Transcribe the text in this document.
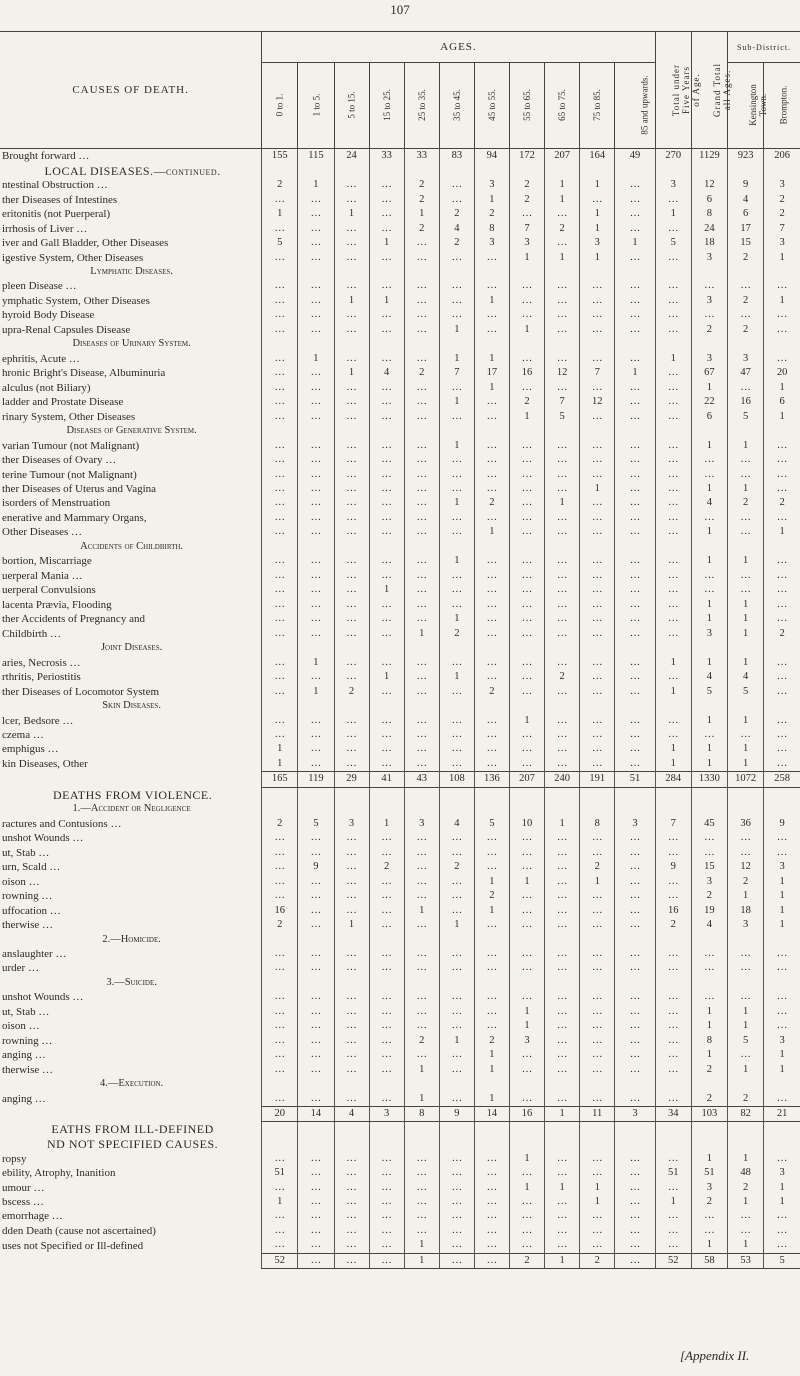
107
CAUSES OF DEATH.	AGES.											Total under Five Years of Age.	Grand Total all Ages.	Sub-District.	
	0 to 1.	1 to 5.	5 to 15.	15 to 25.	25 to 35.	35 to 45.	45 to 55.	55 to 65.	65 to 75.	75 to 85.	85 and upwards.			Kensington Town.	Brompton.
Brought forward …	155	115	24	33	33	83	94	172	207	164	49	270	1129	923	206
LOCAL DISEASES.—continued.															
ntestinal Obstruction …	2	1	…	…	2	…	3	2	1	1	…	3	12	9	3
ther Diseases of Intestines	…	…	…	…	2	…	1	2	1	…	…	…	6	4	2
eritonitis (not Puerperal)	1	…	1	…	1	2	2	…	…	1	…	1	8	6	2
irrhosis of Liver …	…	…	…	…	2	4	8	7	2	1	…	…	24	17	7
iver and Gall Bladder, Other Diseases	5	…	…	1	…	2	3	3	…	3	1	5	18	15	3
igestive System, Other Diseases	…	…	…	…	…	…	…	1	1	1	…	…	3	2	1
Lymphatic Diseases.															
pleen Disease …	…	…	…	…	…	…	…	…	…	…	…	…	…	…	…
ymphatic System, Other Diseases	…	…	1	1	…	…	1	…	…	…	…	…	3	2	1
hyroid Body Disease	…	…	…	…	…	…	…	…	…	…	…	…	…	…	…
upra-Renal Capsules Disease	…	…	…	…	…	1	…	1	…	…	…	…	2	2	…
Diseases of Urinary System.															
ephritis, Acute …	…	1	…	…	…	1	1	…	…	…	…	1	3	3	…
hronic Bright's Disease, Albuminuria	…	…	1	4	2	7	17	16	12	7	1	…	67	47	20
alculus (not Biliary)	…	…	…	…	…	…	1	…	…	…	…	…	1	…	1
ladder and Prostate Disease	…	…	…	…	…	1	…	2	7	12	…	…	22	16	6
rinary System, Other Diseases	…	…	…	…	…	…	…	1	5	…	…	…	6	5	1
Diseases of Generative System.															
varian Tumour (not Malignant)	…	…	…	…	…	1	…	…	…	…	…	…	1	1	…
ther Diseases of Ovary …	…	…	…	…	…	…	…	…	…	…	…	…	…	…	…
terine Tumour (not Malignant)	…	…	…	…	…	…	…	…	…	…	…	…	…	…	…
ther Diseases of Uterus and Vagina	…	…	…	…	…	…	…	…	…	1	…	…	1	1	…
isorders of Menstruation	…	…	…	…	…	1	2	…	1	…	…	…	4	2	2
enerative and Mammary Organs,	…	…	…	…	…	…	…	…	…	…	…	…	…	…	…
Other Diseases …	…	…	…	…	…	…	1	…	…	…	…	…	1	…	1
Accidents of Childbirth.															
bortion, Miscarriage	…	…	…	…	…	1	…	…	…	…	…	…	1	1	…
uerperal Mania …	…	…	…	…	…	…	…	…	…	…	…	…	…	…	…
uerperal Convulsions	…	…	…	1	…	…	…	…	…	…	…	…	…	…	…
lacenta Prævia, Flooding	…	…	…	…	…	…	…	…	…	…	…	…	1	1	…
ther Accidents of Pregnancy and	…	…	…	…	…	1	…	…	…	…	…	…	1	1	…
Childbirth …	…	…	…	…	1	2	…	…	…	…	…	…	3	1	2
Joint Diseases.															
aries, Necrosis …	…	1	…	…	…	…	…	…	…	…	…	1	1	1	…
rthritis, Periostitis	…	…	…	1	…	1	…	…	2	…	…	…	4	4	…
ther Diseases of Locomotor System	…	1	2	…	…	…	2	…	…	…	…	1	5	5	…
Skin Diseases.															
lcer, Bedsore …	…	…	…	…	…	…	…	1	…	…	…	…	1	1	…
czema …	…	…	…	…	…	…	…	…	…	…	…	…	…	…	…
emphigus …	1	…	…	…	…	…	…	…	…	…	…	1	1	1	…
kin Diseases, Other	1	…	…	…	…	…	…	…	…	…	…	1	1	1	…
	165	119	29	41	43	108	136	207	240	191	51	284	1330	1072	258
DEATHS FROM VIOLENCE.															
1.—Accident or Negligence															
ractures and Contusions …	2	5	3	1	3	4	5	10	1	8	3	7	45	36	9
unshot Wounds …	…	…	…	…	…	…	…	…	…	…	…	…	…	…	…
ut, Stab …	…	…	…	…	…	…	…	…	…	…	…	…	…	…	…
urn, Scald …	…	9	…	2	…	2	…	…	…	2	…	9	15	12	3
oison …	…	…	…	…	…	…	1	1	…	1	…	…	3	2	1
rowning …	…	…	…	…	…	…	2	…	…	…	…	…	2	1	1
uffocation …	16	…	…	…	1	…	1	…	…	…	…	16	19	18	1
therwise …	2	…	1	…	…	1	…	…	…	…	…	2	4	3	1
2.—Homicide.															
anslaughter …	…	…	…	…	…	…	…	…	…	…	…	…	…	…	…
urder …	…	…	…	…	…	…	…	…	…	…	…	…	…	…	…
3.—Suicide.															
unshot Wounds …	…	…	…	…	…	…	…	…	…	…	…	…	…	…	…
ut, Stab …	…	…	…	…	…	…	…	1	…	…	…	…	1	1	…
oison …	…	…	…	…	…	…	…	1	…	…	…	…	1	1	…
rowning …	…	…	…	…	2	1	2	3	…	…	…	…	8	5	3
anging …	…	…	…	…	…	…	1	…	…	…	…	…	1	…	1
therwise …	…	…	…	…	1	…	1	…	…	…	…	…	2	1	1
4.—Execution.															
anging …	…	…	…	…	1	…	1	…	…	…	…	…	2	2	…
	20	14	4	3	8	9	14	16	1	11	3	34	103	82	21
EATHS FROM ILL-DEFINED															
ND NOT SPECIFIED CAUSES.															
ropsy	…	…	…	…	…	…	…	1	…	…	…	…	1	1	…
ebility, Atrophy, Inanition	51	…	…	…	…	…	…	…	…	…	…	51	51	48	3
umour …	…	…	…	…	…	…	…	1	1	1	…	…	3	2	1
bscess …	1	…	…	…	…	…	…	…	…	1	…	1	2	1	1
emorrhage …	…	…	…	…	…	…	…	…	…	…	…	…	…	…	…
dden Death (cause not ascertained)	…	…	…	…	…	…	…	…	…	…	…	…	…	…	…
uses not Specified or Ill-defined	…	…	…	…	1	…	…	…	…	…	…	…	1	1	…
	52	…	…	…	1	…	…	2	1	2	…	52	58	53	5
[Appendix II.
